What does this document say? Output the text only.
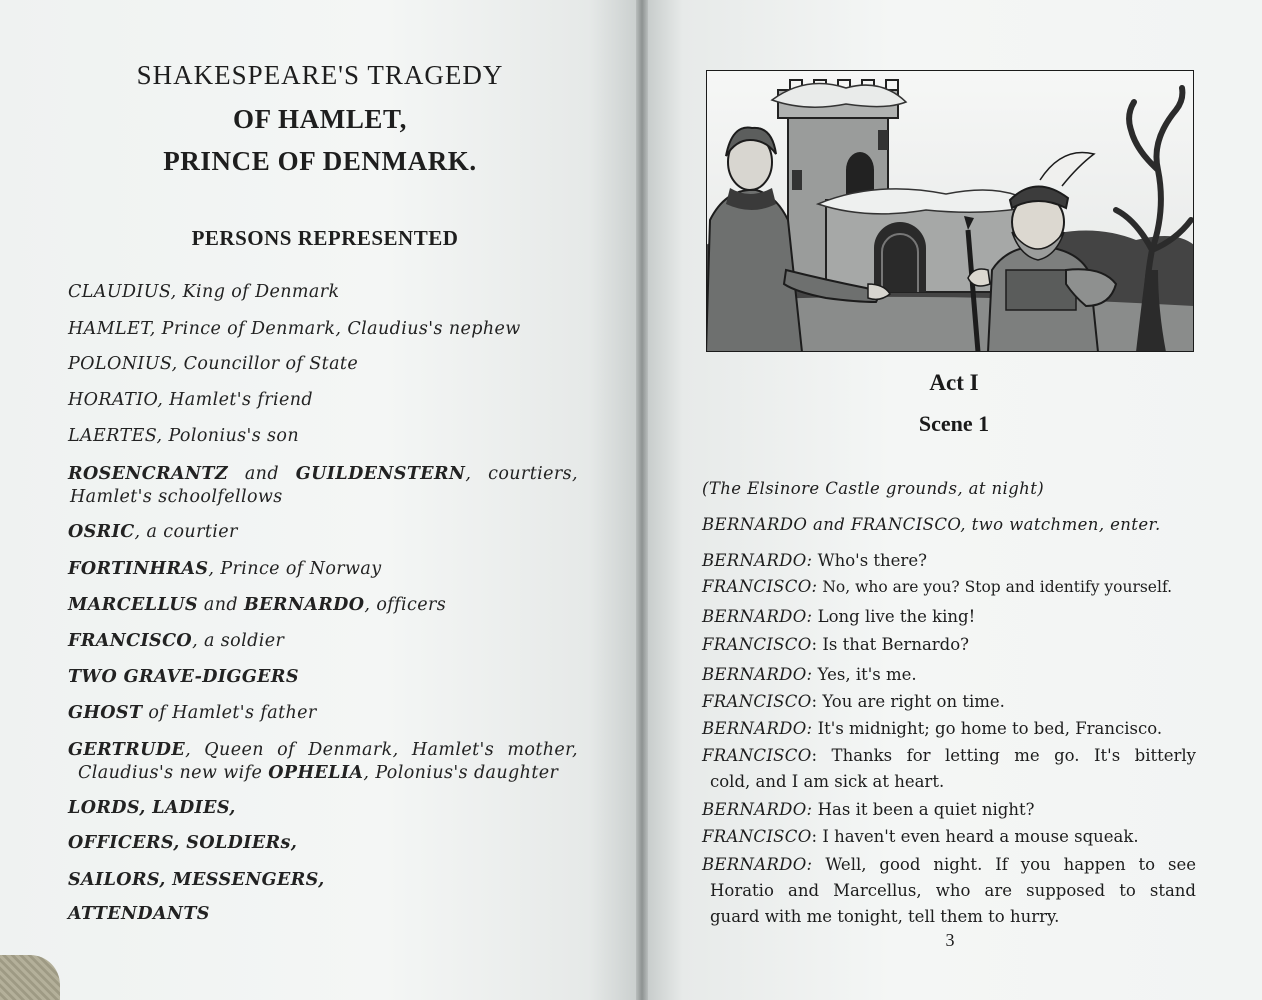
SHAKESPEARE'S TRAGEDY
OF HAMLET,
PRINCE OF DENMARK.
PERSONS REPRESENTED
CLAUDIUS, King of Denmark
HAMLET, Prince of Denmark, Claudius's nephew
POLONIUS, Councillor of State
HORATIO, Hamlet's friend
LAERTES, Polonius's son
ROSENCRANTZ and GUILDENSTERN, courtiers,
Hamlet's schoolfellows
OSRIC, a courtier
FORTINHRAS, Prince of Norway
MARCELLUS and BERNARDO, officers
FRANCISCO, a soldier
TWO GRAVE-DIGGERS
GHOST of Hamlet's father
GERTRUDE, Queen of Denmark, Hamlet's mother,
Claudius's new wife OPHELIA, Polonius's daughter
LORDS, LADIES,
OFFICERS, SOLDIERs,
SAILORS, MESSENGERS,
ATTENDANTS
Act I
Scene 1
(The Elsinore Castle grounds, at night)
BERNARDO and FRANCISCO, two watchmen, enter.
BERNARDO: Who's there?
FRANCISCO: No, who are you? Stop and identify yourself.
BERNARDO: Long live the king!
FRANCISCO: Is that Bernardo?
BERNARDO: Yes, it's me.
FRANCISCO: You are right on time.
BERNARDO: It's midnight; go home to bed, Francisco.
FRANCISCO: Thanks for letting me go. It's bitterly
cold, and I am sick at heart.
BERNARDO: Has it been a quiet night?
FRANCISCO: I haven't even heard a mouse squeak.
BERNARDO: Well, good night. If you happen to see
Horatio and Marcellus, who are supposed to stand
guard with me tonight, tell them to hurry.
3
